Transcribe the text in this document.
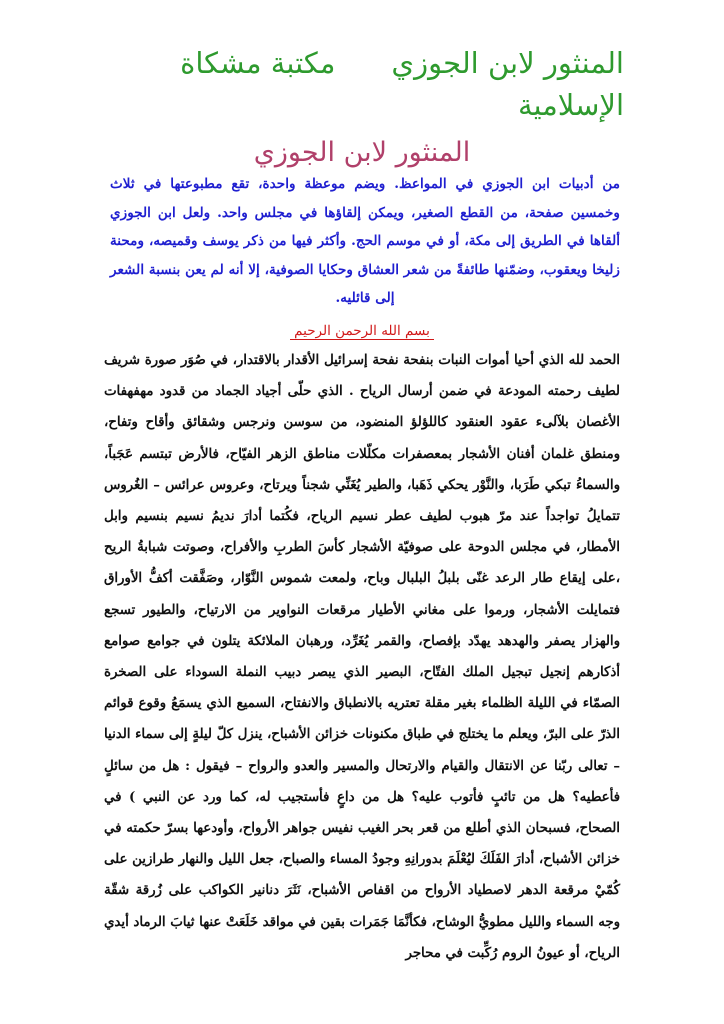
المنثور لابن الجوزيمكتبة مشكاة
الإسلامية
المنثور لابن الجوزي
من أدبيات ابن الجوزي في المواعظ. ويضم موعظة واحدة، تقع مطبوعتها في ثلاث وخمسين صفحة، من القطع الصغير، ويمكن إلقاؤها في مجلس واحد. ولعل ابن الجوزي ألقاها في الطريق إلى مكة، أو في موسم الحج. وأكثر فيها من ذكر يوسف وقميصه، ومحنة زليخا ويعقوب، وضمّنها طائفةً من شعر العشاق وحكايا الصوفية، إلا أنه لم يعن بنسبة الشعر إلى قائليه.
بسم الله الرحمن الرحيم
الحمد لله الذي أحيا أموات النبات بنفحة نفحة إسرائيل الأقدار بالاقتدار، في صُوَر صورة شريف لطيف رحمته المودعة في ضمن أرسال الرياح . الذي حلّى أجياد الجماد من قدود مهفهفات الأغصان بلآلىء عقود العنقود كاللؤلؤ المنضود، من سوسن ونرجس وشقائق وأقاح وتفاح، ومنطق غلمان أفنان الأشجار بمعصفرات مكلّلات مناطق الزهر الفيّاح، فالأرض تبتسم عَجَباً، والسماءُ تبكي طَرَبا، والنَّوْر يحكي ذَهَبا، والطير يُغَنِّي شجناً ويرتاح، وعروس عرائس – الغُروس تتمايلُ تواجداً عند مرّ هبوب لطيف عطر نسيم الرياح، فكُتما أدارَ نديمُ نسيم بنسيم وابل الأمطار، في مجلس الدوحة على صوفيّة الأشجار كأسَ الطربِ والأفراح، وصوتت شبابةُ الريح ،على إيقاع طار الرعد غنّى بلبلُ البلبال وباح، ولمعت شموس النَّوّار، وصَفَّقت أكفُّ الأوراق فتمايلت الأشجار، ورموا على مغاني الأطيار مرقعات النواوير من الارتياح، والطيور تسجع والهزار يصفر والهدهد يهدّد بإفصاح، والقمر يُغَرِّد، ورهبان الملائكة يتلون في جوامع صوامع أذكارهم إنجيل تبجيل الملك الفتّاح، البصير الذي يبصر دبيب النملة السوداء على الصخرة الصمّاء في الليلة الظلماء بغير مقلة تعتريه بالانطباق والانفتاح، السميع الذي يسمَعُ وقوع قوائم الذرّ على البرّ، ويعلم ما يختلج في طباق مكنونات خزائن الأشباح، ينزل كلّ ليلةٍ إلى سماء الدنيا – تعالى ربّنا عن الانتقال والقيام والارتحال والمسير والعدو والرواح – فيقول : هل من سائلٍ فأعطيه؟ هل من تائبٍ فأتوب عليه؟ هل من داعٍ فأستجيب له، كما ورد عن النبي ) في الصحاح، فسبحان الذي أطلع من قعر بحر الغيب نفيس جواهر الأرواح، وأودعها بسرّ حكمته في خزائن الأشباح، أدارَ الفَلَكَ ليُعْلَمَ بدورانِهِ وجودُ المساء والصباح، جعل الليل والنهار طرازين على كُمّيْ مرقعة الدهر لاصطياد الأرواح من اقفاص الأشباح، نَثَرَ دنانير الكواكب على زُرقة شقّة وجه السماء والليل مطويُّ الوشاح، فكأنَّمَا جَمَرات بقين في مواقد خَلَعَتْ عنها ثيابَ الرماد أيدي الرياح، أو عيونُ الروم رُكِّبت في محاجر
